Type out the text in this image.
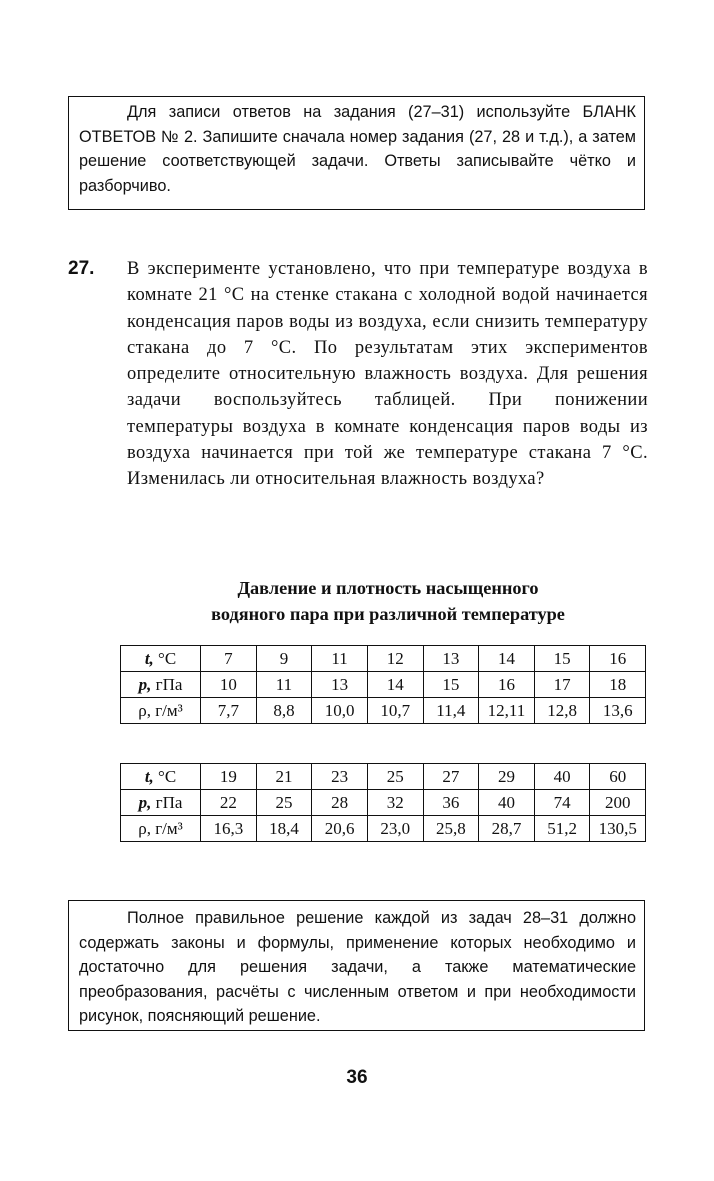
Для записи ответов на задания (27–31) используйте БЛАНК ОТВЕТОВ № 2. Запишите сначала номер задания (27, 28 и т.д.), а затем решение соответствующей задачи. Ответы записывайте чётко и разборчиво.

27. В эксперименте установлено, что при температуре воздуха в комнате 21 °С на стенке стакана с холодной водой начинается конденсация паров воды из воздуха, если снизить температуру стакана до 7 °С. По результатам этих экспериментов определите относительную влажность воздуха. Для решения задачи воспользуйтесь таблицей. При понижении температуры воздуха в комнате конденсация паров воды из воздуха начинается при той же температуре стакана 7 °С. Изменилась ли относительная влажность воздуха?

Давление и плотность насыщенного
водяного пара при различной температуре
t, °С	7	9	11	12	13	14	15	16
p, гПа	10	11	13	14	15	16	17	18
ρ, г/м³	7,7	8,8	10,0	10,7	11,4	12,11	12,8	13,6
t, °С	19	21	23	25	27	29	40	60
p, гПа	22	25	28	32	36	40	74	200
ρ, г/м³	16,3	18,4	20,6	23,0	25,8	28,7	51,2	130,5

Полное правильное решение каждой из задач 28–31 должно содержать законы и формулы, применение которых необходимо и достаточно для решения задачи, а также математические преобразования, расчёты с численным ответом и при необходимости рисунок, поясняющий решение.

36
